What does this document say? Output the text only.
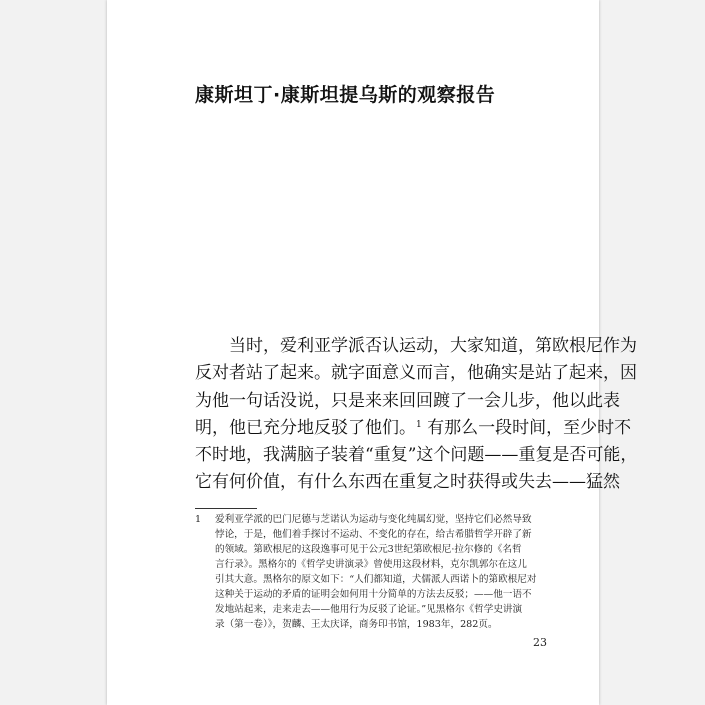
康斯坦丁·康斯坦提乌斯的观察报告
当时，爱利亚学派否认运动，大家知道，第欧根尼作为
反对者站了起来。就字面意义而言，他确实是站了起来，因
为他一句话没说，只是来来回回踱了一会儿步，他以此表
明，他已充分地反驳了他们。$^1$ 有那么一段时间，至少时不
不时地，我满脑子装着“重复”这个问题——重复是否可能，
它有何价值，有什么东西在重复之时获得或失去——猛然
1 爱利亚学派的巴门尼德与芝诺认为运动与变化纯属幻觉，坚持它们必然导致
悖论，于是，他们着手探讨不运动、不变化的存在，给古希腊哲学开辟了新
的领域。第欧根尼的这段逸事可见于公元3世纪第欧根尼·拉尔修的《名哲
言行录》。黑格尔的《哲学史讲演录》曾使用这段材料，克尔凯郭尔在这儿
引其大意。黑格尔的原文如下：“人们都知道，犬儒派人西诺卜的第欧根尼对
这种关于运动的矛盾的证明会如何用十分简单的方法去反驳；——他一语不
发地站起来，走来走去——他用行为反驳了论证。”见黑格尔《哲学史讲演
录（第一卷）》，贺麟、王太庆译，商务印书馆，1983年，282页。
23
